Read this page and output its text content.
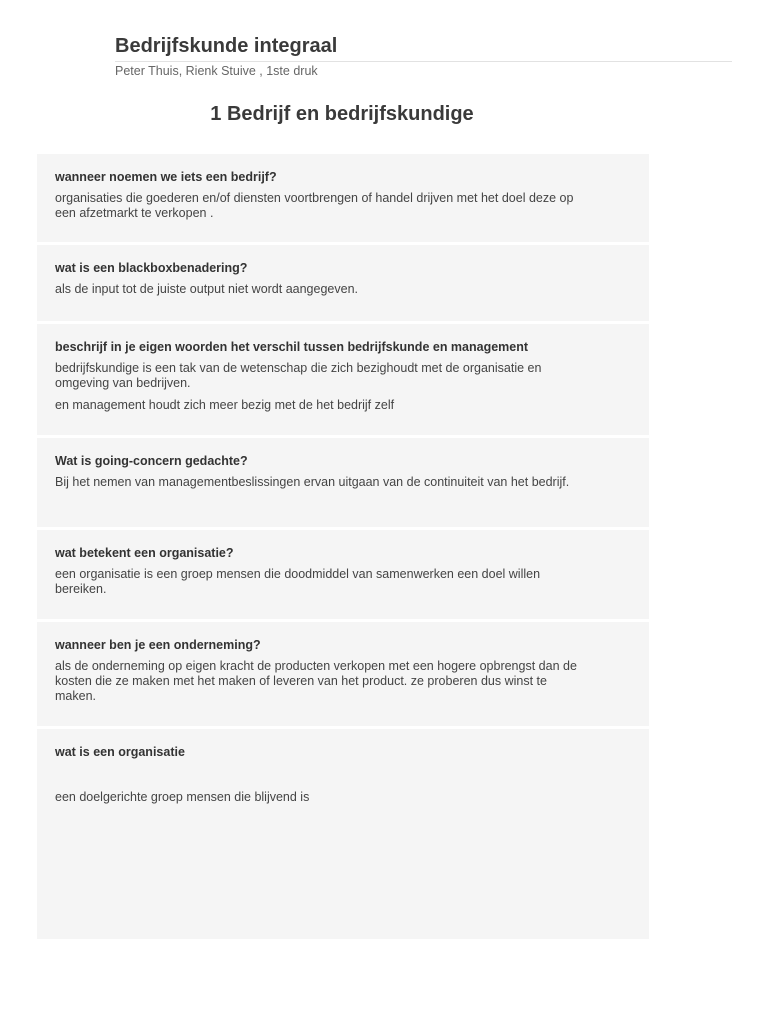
Bedrijfskunde integraal
Peter Thuis, Rienk Stuive , 1ste druk
1 Bedrijf en bedrijfskundige

wanneer noemen we iets een bedrijf?

organisaties die goederen en/of diensten voortbrengen of handel drijven met het doel deze op een afzetmarkt te verkopen .

wat is een blackboxbenadering?

als de input tot de juiste output niet wordt aangegeven.

beschrijf in je eigen woorden het verschil tussen bedrijfskunde en management

bedrijfskundige is een tak van de wetenschap die zich bezighoudt met de organisatie en omgeving van bedrijven.

en management houdt zich meer bezig met de het bedrijf zelf

Wat is going-concern gedachte?

Bij het nemen van managementbeslissingen ervan uitgaan van de continuiteit van het bedrijf.

wat betekent een organisatie?

een organisatie is een groep mensen die doodmiddel van samenwerken een doel willen bereiken.

wanneer ben je een onderneming?

als de onderneming op eigen kracht de producten verkopen met een hogere opbrengst dan de kosten die ze maken met het maken of leveren van het product. ze proberen dus winst te maken.

wat is een organisatie

een doelgerichte groep mensen die blijvend is
